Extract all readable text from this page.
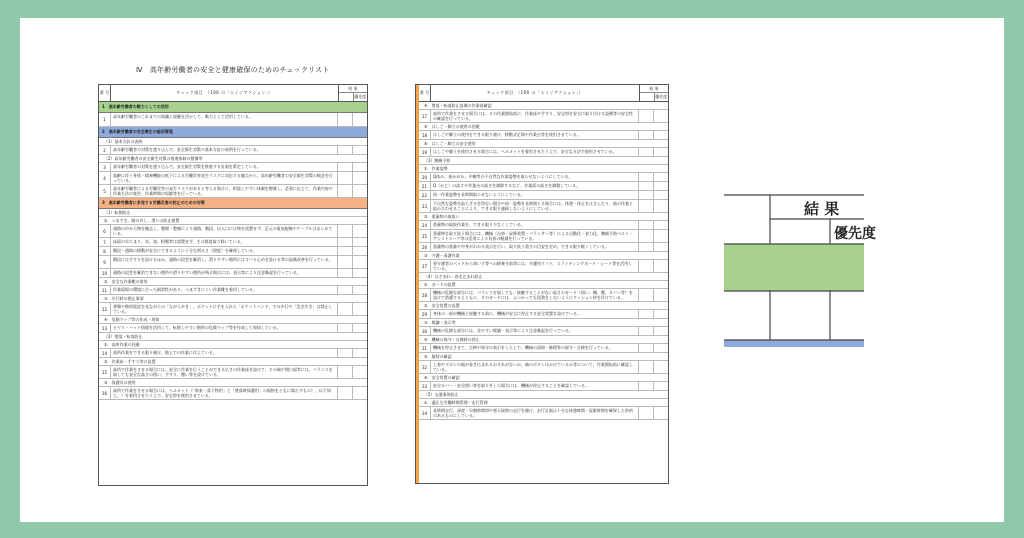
Ⅳ　高年齢労働者の安全と健康確保のためのチェックリスト
番 号	チェック項目　（100 の「エイジアクション」）
結 果
優先度
1　高年齢労働者の戦力としての活用
1
高年齢労働者のこれまでの知識と経験を活かして、戦力として活用している。
2　高年齢労働者の安全衛生の総括管理
（1）基本方針の表明
2	高年齢労働者の対策を盛り込んで、安全衛生対策の基本方針の表明を行っている。
（2）高年齢労働者の安全衛生対策の推進体制の整備等
3	高年齢労働者の対策を盛り込んで、安全衛生対策を推進する計画を策定している。
4	加齢に伴う身体・精神機能の低下による労働災害発生リスクに対応する観点から、高年齢労働者の安全衛生対策の検討を行っている。
5	高年齢労働者による労働災害の発生リスクがあると考える場合に、相談しやすい体制を整備し、必要に応じて、作業内容や作業方法の変更、作業時間の短縮等を行っている。
3　高年齢労働者に多発する労働災害の防止のための対策
（1）転倒防止
①　つまずき、踏み外し、滑りの防止措置
6	通路の中から物を撤去し、整理・整頓により通路、階段、出入口には物を放置せず、足元の電気配線やケーブルはまとめている。
7	床面の水たまり、氷、油、粉類等は放置せず、その都度取り除いている。
8	階段・通路の移動が安全にできるように十分な明るさ（照度）を確保している。
9	階段には手すりを設けるほか、通路の段差を解消し、滑りやすい箇所にはすべり止めを設ける等の設備改善を行っている。
10	通路の段差を解消できない箇所や滑りやすい箇所が残る場合には、表示等により注意喚起を行っている。
②　安全な作業靴の着用
11	作業現場の環境に合った耐滑性があり、つまずきにくい作業靴を着用している。
③　歩行時の関止事項
12	書類や携帯電話を見ながらの「ながら歩き」、ポケットに手を入れた「ポケットハンド」での歩行や「急ぎ歩き」は禁止している。
④　危険マップ等の作成・周知
13	ヒヤリ・ハット情報を活用して、転倒しやすい箇所の危険マップ等を作成して周知している。
（2）墜落・転落防止
①　高所作業の回避
14	高所作業をできる限り避け、地上での作業に代えている。
②　作業床・手すり等の設置
15	高所で作業をさせる場合には、安全に作業を行うことができる広さの作業床を設けて、その端や開口部等には、バランスを崩しても安全な高さの囲い、手すり、覆い等を設けている。
③　保護具の使用
16	高所で作業をさせる場合には、ヘルメット（「飛来・落下物用」と「墜落時保護用」の規格をともに満たすもの）、以下同じ。）を着用させたうえで、安全帯を使用させている。
番 号	チェック項目　（100 の「エイジアクション」）
結 果
優先度
④　墜落・転落防止設備の作業前確認
17	高所で作業をさせる場合には、その作業開始前に、作業床や手すり、安全帯を安全に取り付ける設備等の安全性の確認を行っている。
⑤　はしご・脚立の使用の回避
18	はしごや脚立の使用をできる限り避け、移動式足場や作業台等を使用させている。
⑥　はしご・脚立の安全使用
19	はしごや脚立を使用させる場合には、ヘルメットを着用させたうえで、安全な方法で使用させている。
（3）腰痛予防
①　作業姿勢
20	Q体み、前かがみ、中腰等の不自然な作業姿勢を取らせないようにしている。
21	Q（かじ）の高さや作業台の高さを調節するなど、作業面の高さを調整している。
22	同一作業姿勢を長時間取らせないようにしている。
23	不自然な姿勢を取らざるを得ない場合や同一姿勢を長時間とる場合には、休憩・休止をはさんだり、他の作業と組み合わせることにより、できる限り連続しないようにしている。
②　重量物の取扱い
24	重量物の取扱作業を、できる限り少なくしている。
25	重量物を取り扱う場合には、機械（台車・昇降装置・バランサー等）による自動化・省力化、腰痛予防ベルト・アシストスーツ等の活用による負担の軽減を行っている。
26	重量物の重量や中身がわかる表示を行い、取り扱う重さの目安を定め、できる限り軽くしている。
③　介護・看護作業
27	要介護者のベッドから車いす等への移乗介助等には、介護用リフト、スライディングボード・シート等を活用している。
（4）はさまれ・巻き込まれ防止
①　ガードの設置
28	機械の危険な部分には、バランスを崩しても、接触することがない高さのガード（囲い、柵、覆、カバー等）を設けて防護するとともに、そのガードには、ふつかっても怪我をしないようにクッション材を付けている。
②　安全装置の設置
29	身体の一部が機械と接触する前に、機械が安全に停止する安全装置を設けている。
③　標識・表示等
30	機械の危険な部分には、見やすい標識・表示等により注意喚起を行っている。
④　機械の保守・点検時の停止
31	機械を停止させて、点検や保守の表示をした上で、機械の清掃・修理等の保守・点検を行っている。
⑤　服装の確認
32	上着やズボンの裾が巻き込まれるおそれがないか、袖のボタンはかけているか等について、作業開始前に確認している。
⑥　安全装置の確認
33	安全カバー・安全囲い等を取り外した場合には、機械が停止することを確認している。
（5）交通事故防止
①　適正な労働時間管理・走行管理
34	長時間走行、深夜・早朝時間帯や悪天候時の走行を避け、走行計画は十分な休憩時間・仮眠時間を確保した余裕のあるものにしている。
結 果
優先度
